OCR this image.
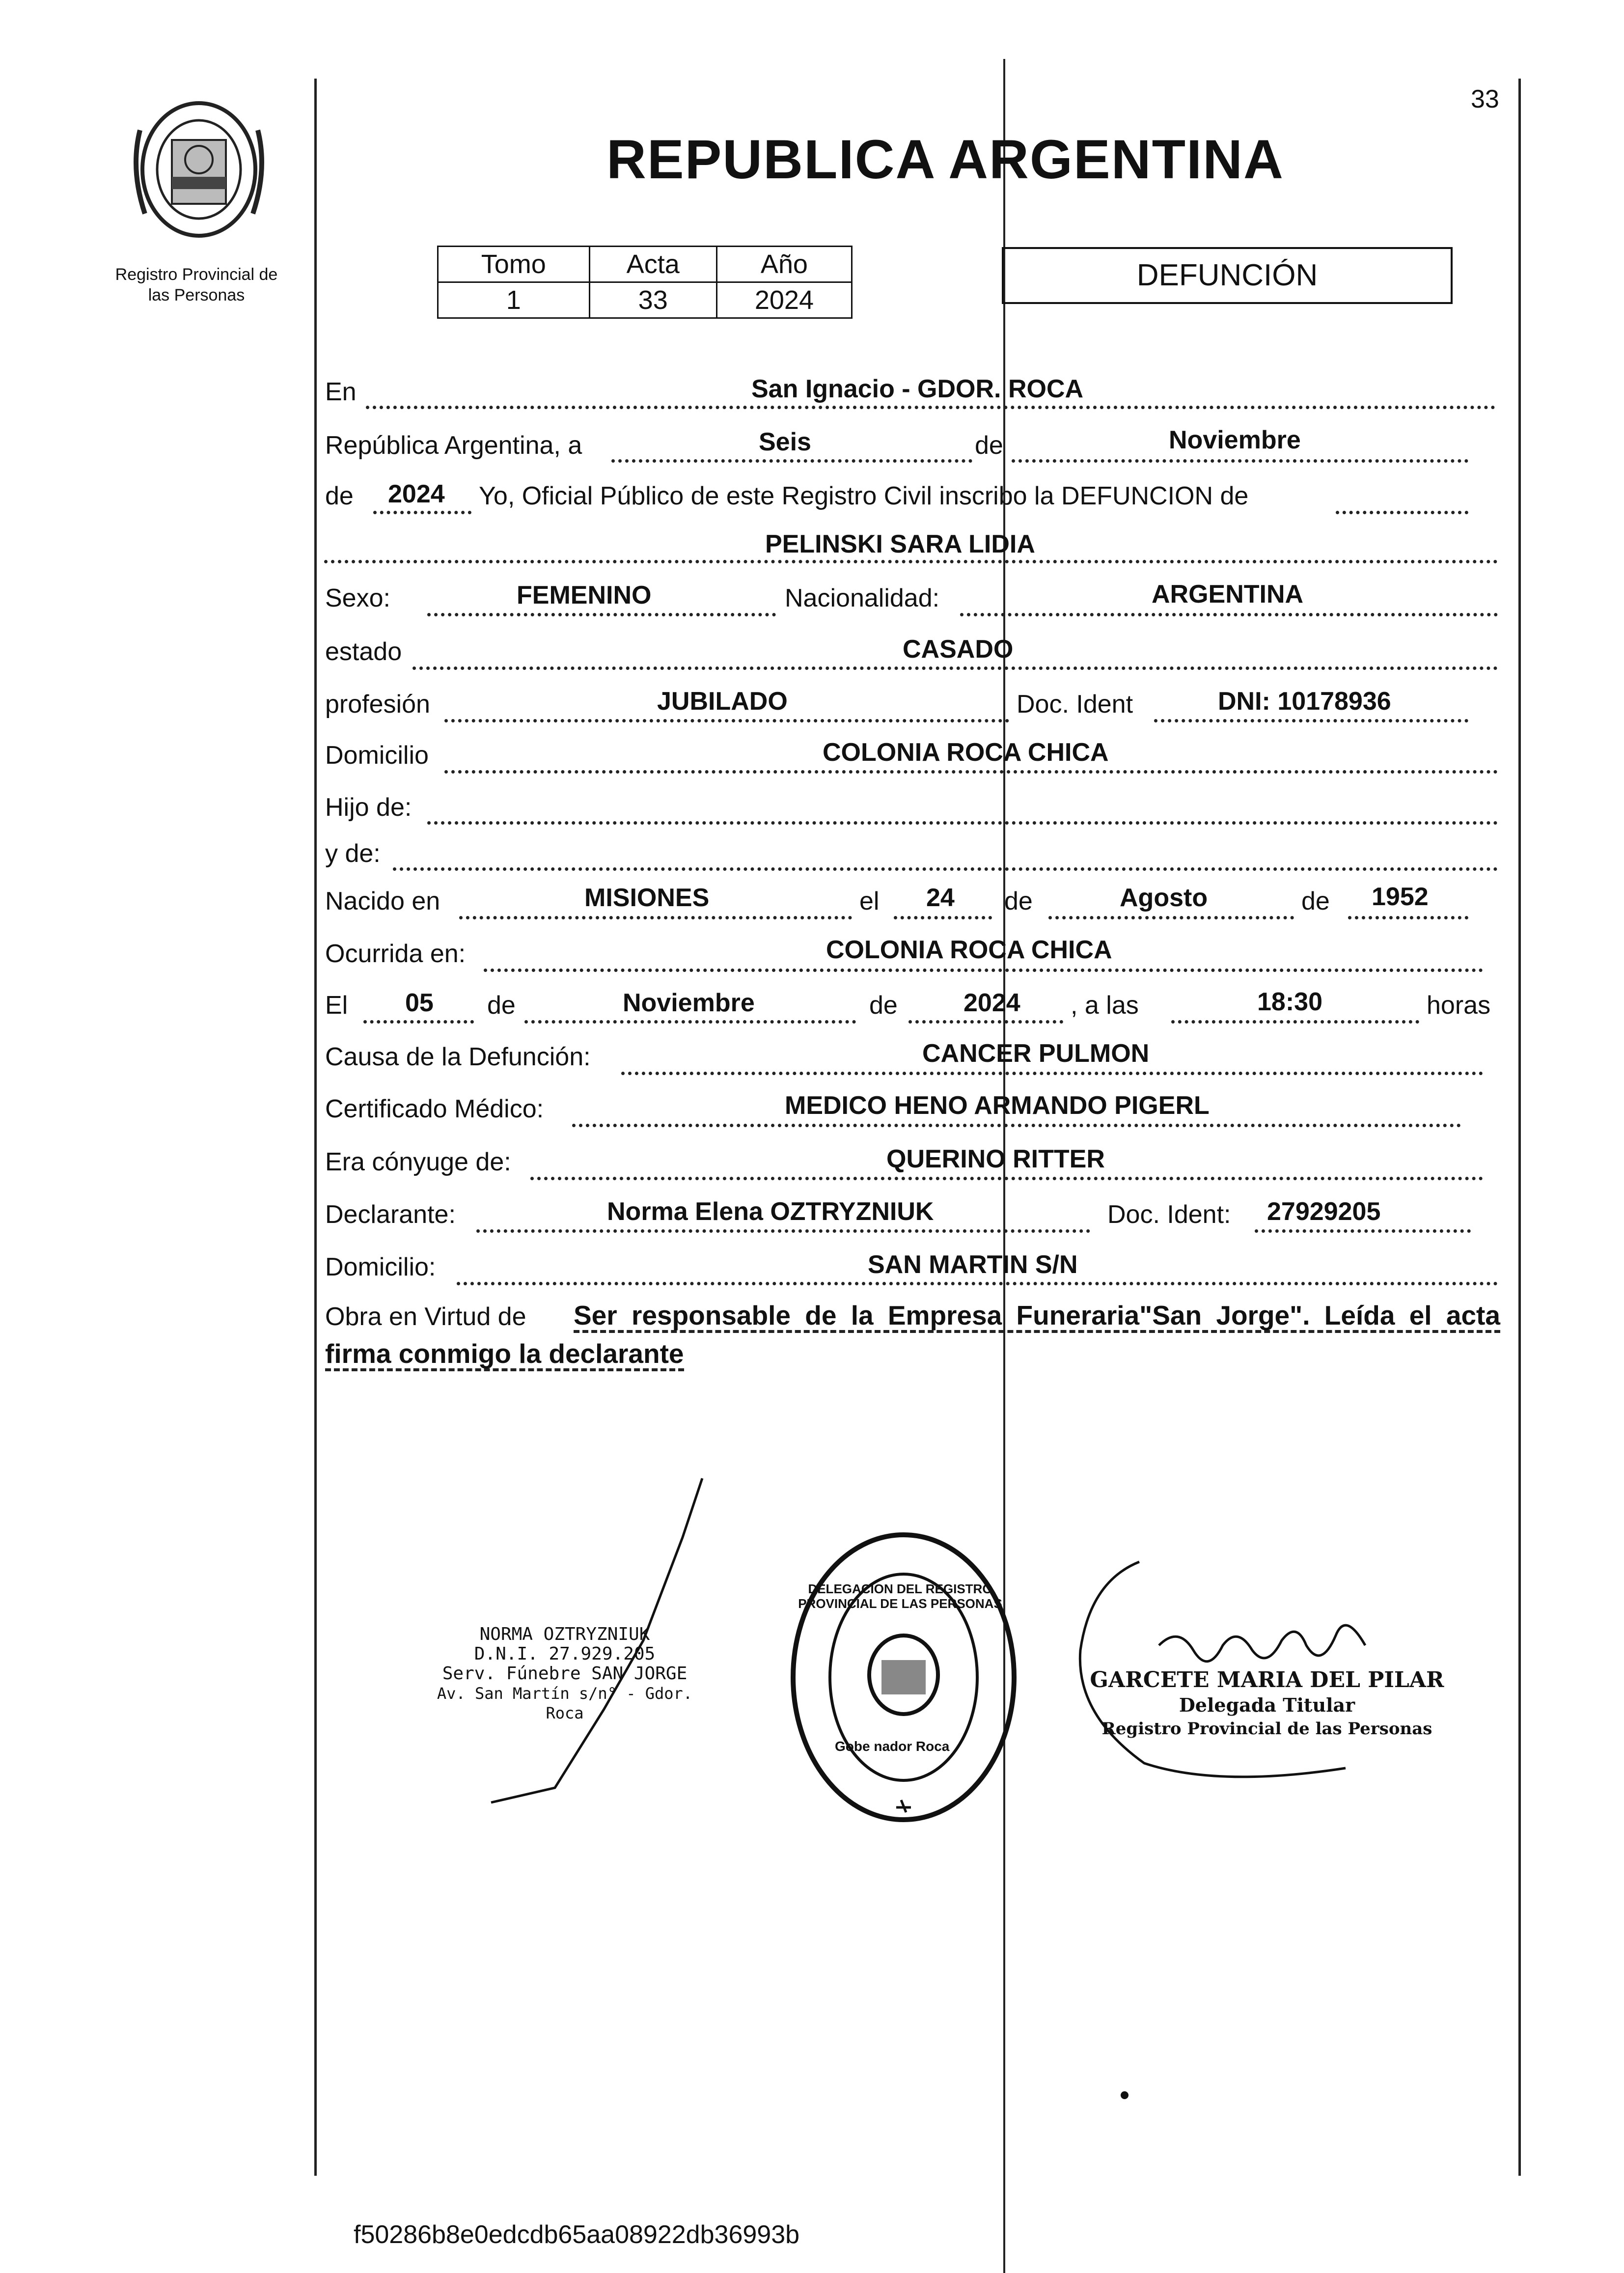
33
Registro Provincial de
las Personas
REPUBLICA ARGENTINA
Tomo	Acta	Año
1	33	2024
DEFUNCIÓN
En	San Ignacio - GDOR. ROCA
República Argentina, a	Seis	de	Noviembre
de 2024 Yo, Oficial Público de este Registro Civil inscribo la DEFUNCION de
PELINSKI SARA LIDIA
Sexo:	FEMENINO	Nacionalidad:	ARGENTINA
estado	CASADO
profesión	JUBILADO	Doc. Ident	DNI: 10178936
Domicilio	COLONIA ROCA CHICA
Hijo de:
y de:
Nacido en	MISIONES	el 24 de	Agosto	de 1952
Ocurrida en:	COLONIA ROCA CHICA
El 05 de	Noviembre	de	2024 , a las	18:30	horas
Causa de la Defunción:	CANCER PULMON
Certificado Médico:	MEDICO HENO ARMANDO PIGERL
Era cónyuge de:	QUERINO RITTER
Declarante:	Norma Elena OZTRYZNIUK	Doc. Ident: 27929205
Domicilio:	SAN MARTIN S/N
Obra en Virtud de Ser responsable de la Empresa Funeraria"San Jorge". Leída el acta
firma conmigo la declarante
NORMA OZTRYZNIUK
D.N.I. 27.929.205
Serv. Fúnebre SAN JORGE
Av. San Martín s/n° - Gdor. Roca
DELEGACION DEL REGISTRO PROVINCIAL DE LAS PERSONAS
Gobe nador Roca
GARCETE MARIA DEL PILAR
Delegada Titular
Registro Provincial de las Personas
f50286b8e0edcdb65aa08922db36993b
